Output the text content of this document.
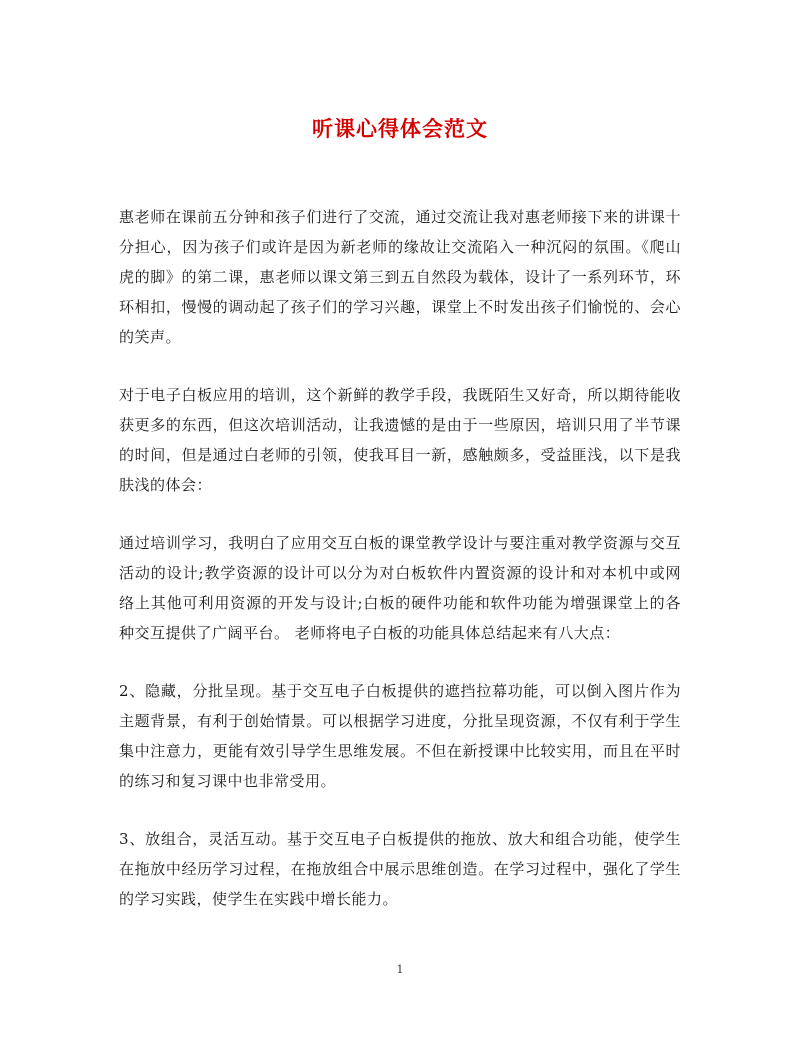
听课心得体会范文

惠老师在课前五分钟和孩子们进行了交流，通过交流让我对惠老师接下来的讲课十分担心，因为孩子们或许是因为新老师的缘故让交流陷入一种沉闷的氛围。《爬山虎的脚》的第二课，惠老师以课文第三到五自然段为载体，设计了一系列环节，环环相扣，慢慢的调动起了孩子们的学习兴趣，课堂上不时发出孩子们愉悦的、会心的笑声。

对于电子白板应用的培训，这个新鲜的教学手段，我既陌生又好奇，所以期待能收获更多的东西，但这次培训活动，让我遗憾的是由于一些原因，培训只用了半节课的时间，但是通过白老师的引领，使我耳目一新，感触颇多，受益匪浅，以下是我肤浅的体会：

通过培训学习，我明白了应用交互白板的课堂教学设计与要注重对教学资源与交互活动的设计;教学资源的设计可以分为对白板软件内置资源的设计和对本机中或网络上其他可利用资源的开发与设计;白板的硬件功能和软件功能为增强课堂上的各种交互提供了广阔平台。 老师将电子白板的功能具体总结起来有八大点：

2、隐藏，分批呈现。基于交互电子白板提供的遮挡拉幕功能，可以倒入图片作为主题背景，有利于创始情景。可以根据学习进度，分批呈现资源，不仅有利于学生集中注意力，更能有效引导学生思维发展。不但在新授课中比较实用，而且在平时的练习和复习课中也非常受用。

3、放组合，灵活互动。基于交互电子白板提供的拖放、放大和组合功能，使学生在拖放中经历学习过程，在拖放组合中展示思维创造。在学习过程中，强化了学生的学习实践，使学生在实践中增长能力。

1
